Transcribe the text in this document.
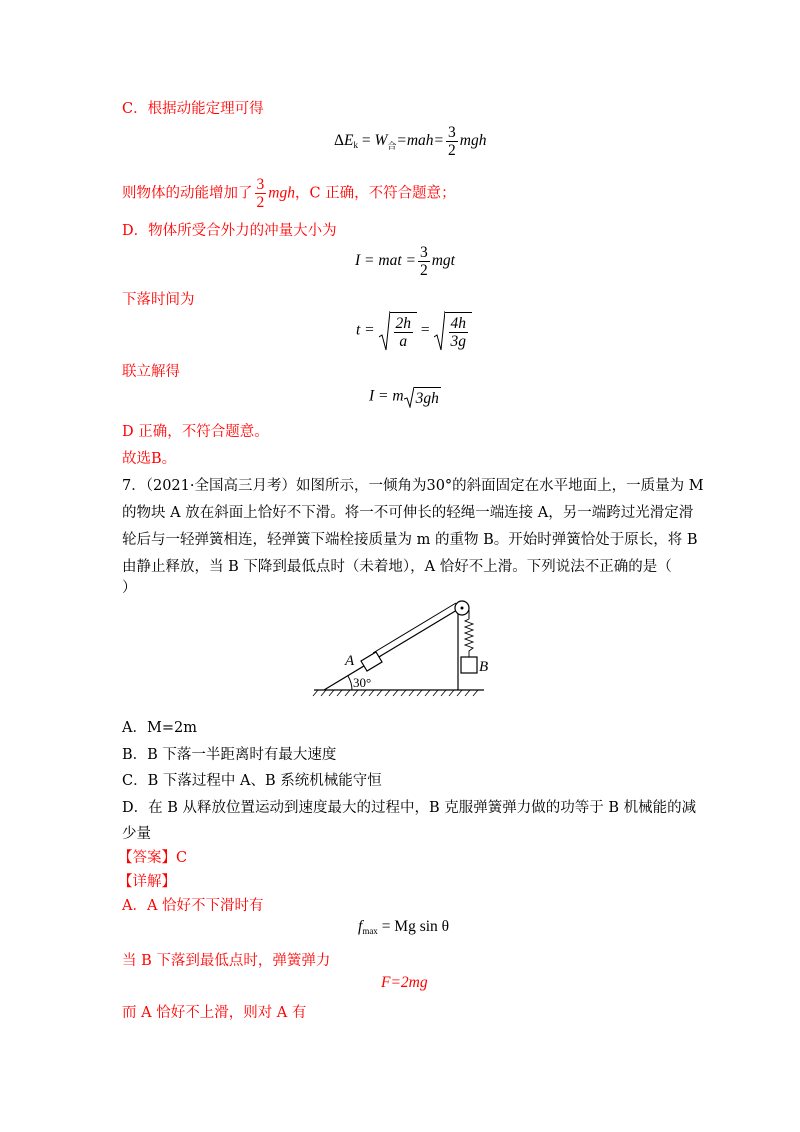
C．根据动能定理可得
$\Delta E_k = W_合=mah= \frac{3}{2}$ mgh
则物体的动能增加了 $\frac{3}{2}$ mgh，C 正确，不符合题意；
D．物体所受合外力的冲量大小为
I = mat = $\frac{3}{2}$ mgt
下落时间为
$t = \frac{2h}{a} = \frac{4h}{3g}$
联立解得
I = m 3gh
D 正确，不符合题意。
故选B。
7．（2021·全国高三月考）如图所示，一倾角为30°的斜面固定在水平地面上，一质量为 M
的物块 A 放在斜面上恰好不下滑。将一不可伸长的轻绳一端连接 A，另一端跨过光滑定滑
轮后与一轻弹簧相连，轻弹簧下端栓接质量为 m 的重物 B。开始时弹簧恰处于原长，将 B
由静止释放，当 B 下降到最低点时（未着地），A 恰好不上滑。下列说法不正确的是（
）
A	B
30°
A．M=2m
B．B 下落一半距离时有最大速度
C．B 下落过程中 A、B 系统机械能守恒
D．在 B 从释放位置运动到速度最大的过程中，B 克服弹簧弹力做的功等于 B 机械能的减
少量
【答案】C
【详解】
A．A 恰好不下滑时有
$f_{max} = Mg$ sin θ
当 B 下落到最低点时，弹簧弹力
F=2mg
而 A 恰好不上滑，则对 A 有
